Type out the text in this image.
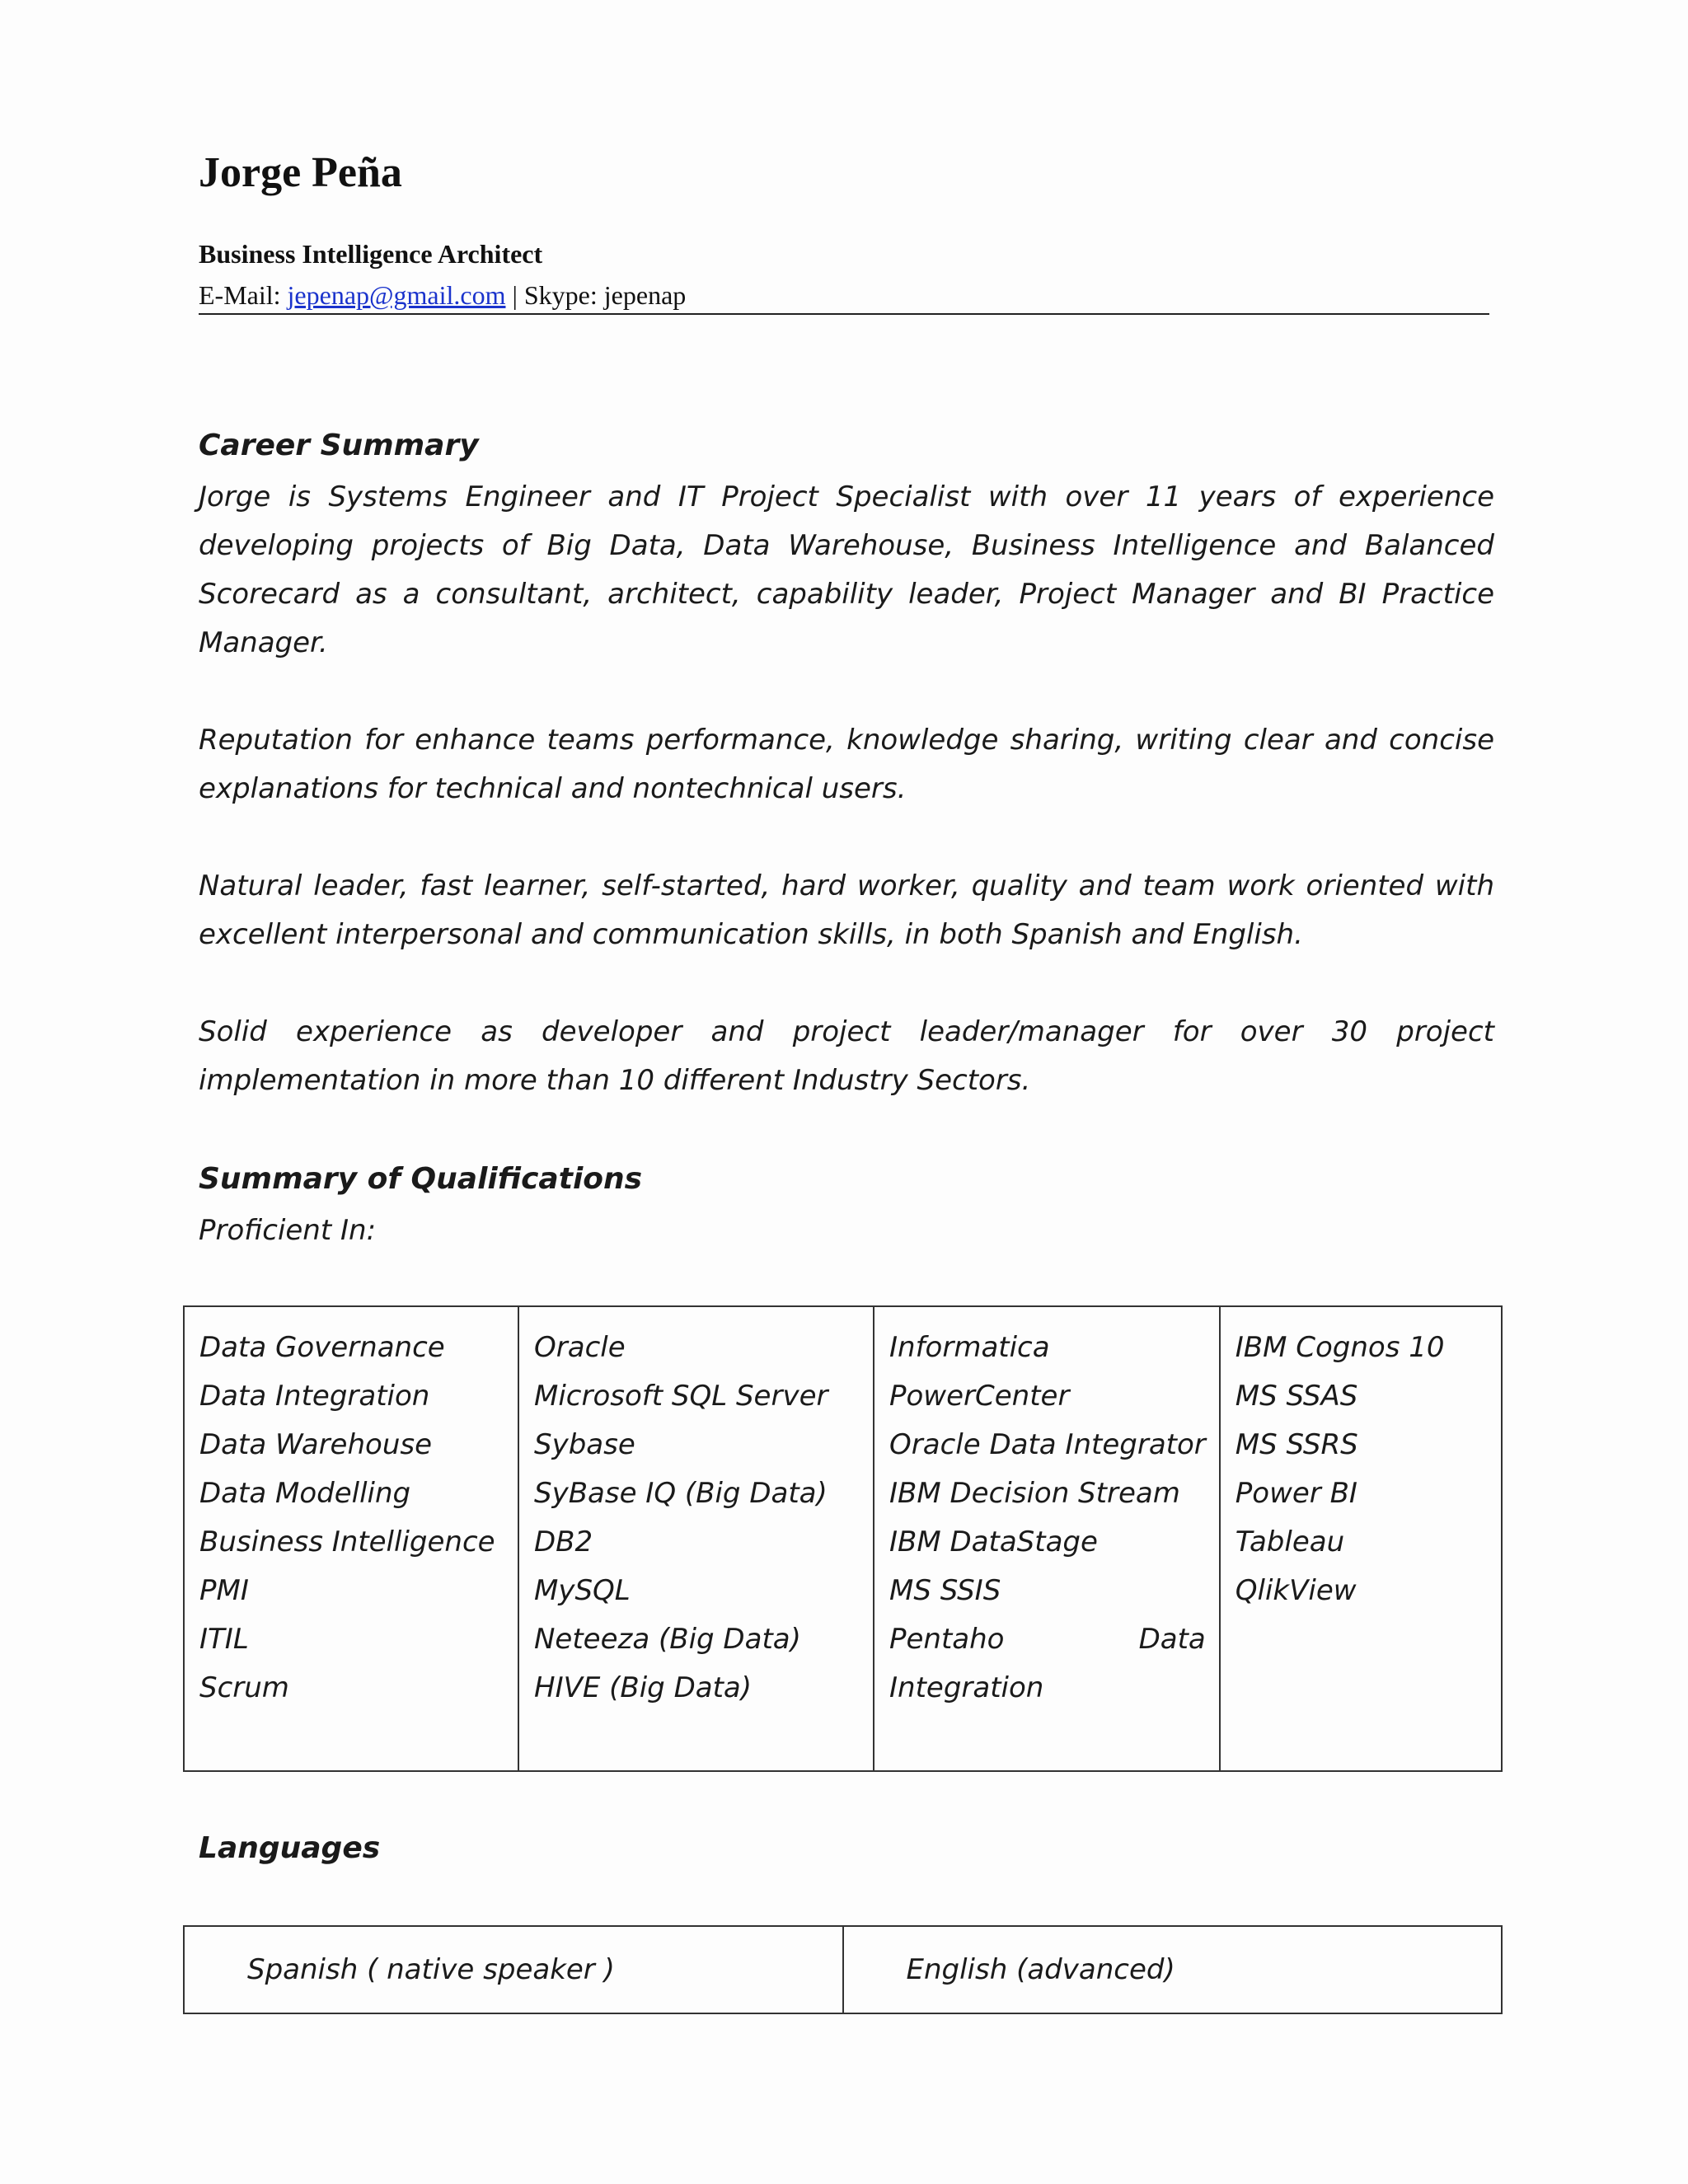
Jorge Peña
Business Intelligence Architect
E-Mail: jepenap@gmail.com | Skype: jepenap
Career Summary

Jorge is Systems Engineer and IT Project Specialist with over 11 years of experience developing projects of Big Data, Data Warehouse, Business Intelligence and Balanced Scorecard as a consultant, architect, capability leader, Project Manager and BI Practice Manager.

Reputation for enhance teams performance, knowledge sharing, writing clear and concise explanations for technical and nontechnical users.

Natural leader, fast learner, self-started, hard worker, quality and team work oriented with excellent interpersonal and communication skills, in both Spanish and English.

Solid experience as developer and project leader/manager for over 30 project implementation in more than 10 different Industry Sectors.

Summary of Qualifications

Proficient In:

Data Governance
Data Integration
Data Warehouse
Data Modelling
Business Intelligence
PMI
ITIL
Scrum

Oracle
Microsoft SQL Server
Sybase
SyBase IQ (Big Data)
DB2
MySQL
Neteeza (Big Data)
HIVE (Big Data)

Informatica
PowerCenter
Oracle Data Integrator
IBM Decision Stream
IBM DataStage
MS SSIS
Pentaho	Data
Integration

IBM Cognos 10
MS SSAS
MS SSRS
Power BI
Tableau
QlikView
Languages
Spanish ( native speaker )	English (advanced)
